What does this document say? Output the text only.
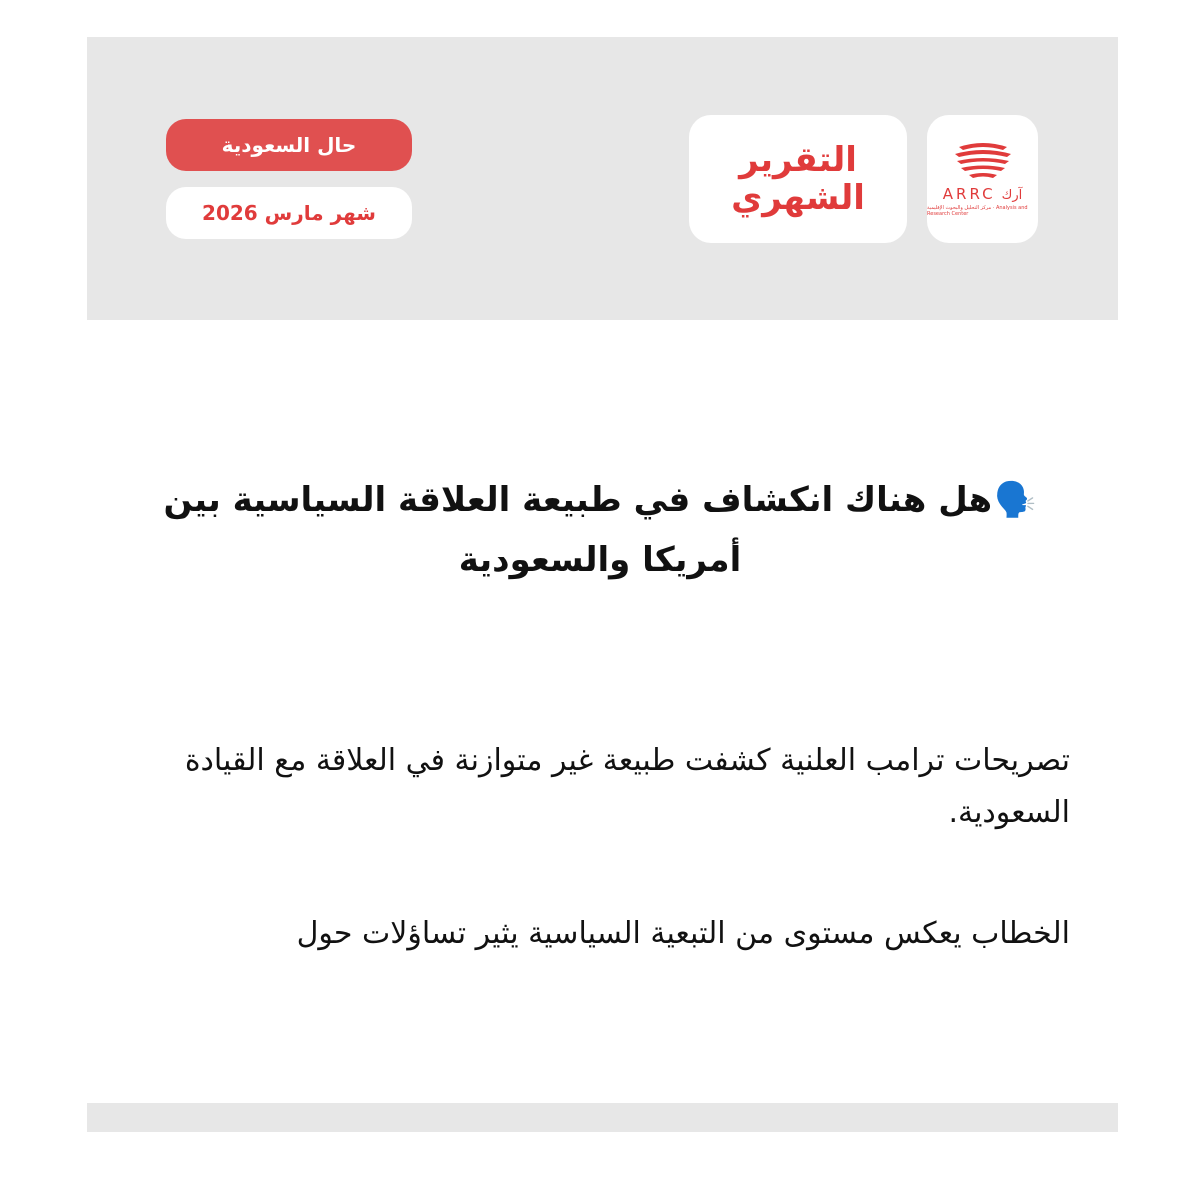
ARRC آرك
مركز التحليل والبحوث الإقليمية · Analysis and Research Center
التقرير
الشهري
حال السعودية
شهر مارس 2026
🗣️هل هناك انكشاف في طبيعة العلاقة السياسية بين
أمريكا والسعودية
تصريحات ترامب العلنية كشفت طبيعة غير متوازنة في العلاقة مع القيادة السعودية.
الخطاب يعكس مستوى من التبعية السياسية يثير تساؤلات حول
